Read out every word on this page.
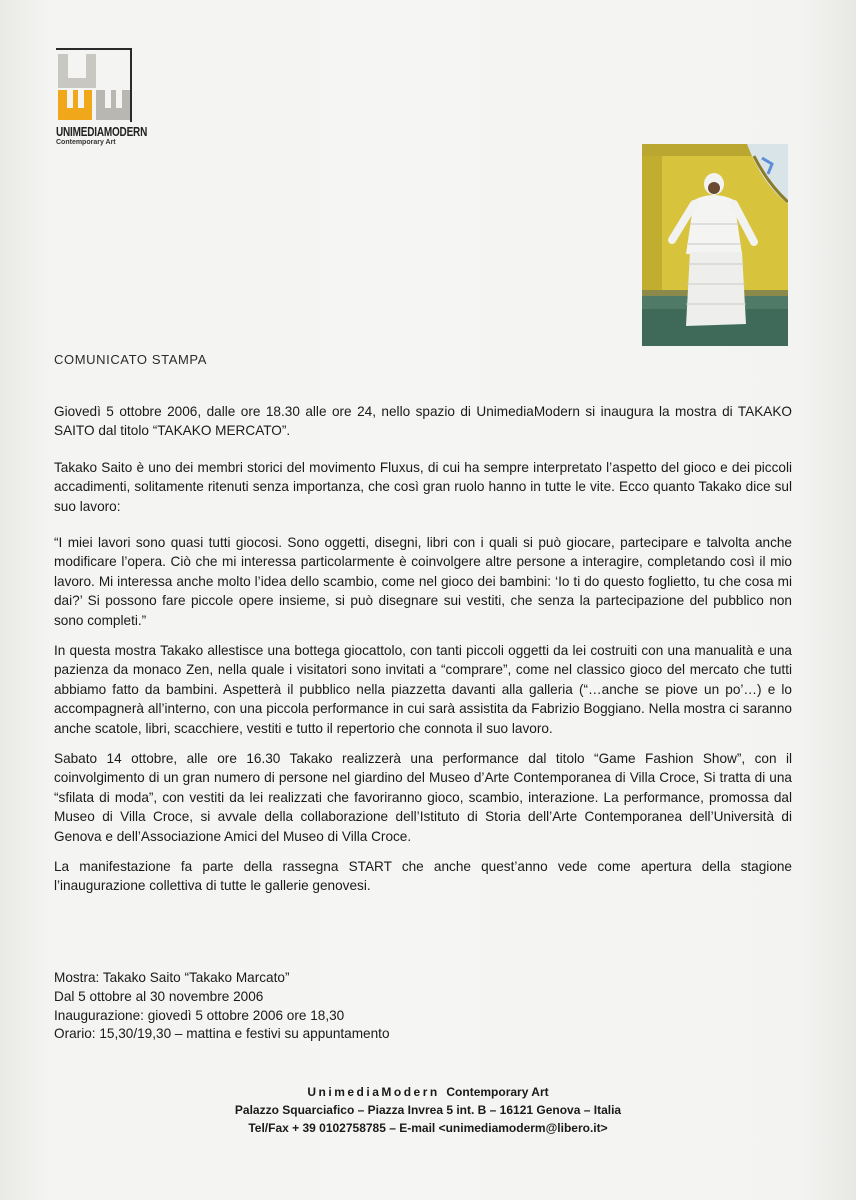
UNIMEDIAMODERN
Contemporary Art
COMUNICATO STAMPA
Giovedì 5 ottobre 2006, dalle ore 18.30 alle ore 24, nello spazio di UnimediaModern si inaugura la mostra di TAKAKO SAITO dal titolo “TAKAKO MERCATO”.
Takako Saito è uno dei membri storici del movimento Fluxus, di cui ha sempre interpretato l’aspetto del gioco e dei piccoli accadimenti, solitamente ritenuti senza importanza, che così gran ruolo hanno in tutte le vite. Ecco quanto Takako dice sul suo lavoro:
“I miei lavori sono quasi tutti giocosi. Sono oggetti, disegni, libri con i quali si può giocare, partecipare e talvolta anche modificare l’opera. Ciò che mi interessa particolarmente è coinvolgere altre persone a interagire, completando così il mio lavoro. Mi interessa anche molto l’idea dello scambio, come nel gioco dei bambini: ‘Io ti do questo foglietto, tu che cosa mi dai?’ Si possono fare piccole opere insieme, si può disegnare sui vestiti, che senza la partecipazione del pubblico non sono completi.”
In questa mostra Takako allestisce una bottega giocattolo, con tanti piccoli oggetti da lei costruiti con una manualità e una pazienza da monaco Zen, nella quale i visitatori sono invitati a “comprare”, come nel classico gioco del mercato che tutti abbiamo fatto da bambini. Aspetterà il pubblico nella piazzetta davanti alla galleria (“…anche se piove un po’…) e lo accompagnerà all’interno, con una piccola performance in cui sarà assistita da Fabrizio Boggiano. Nella mostra ci saranno anche scatole, libri, scacchiere, vestiti e tutto il repertorio che connota il suo lavoro.
Sabato 14 ottobre, alle ore 16.30 Takako realizzerà una performance dal titolo “Game Fashion Show”, con il coinvolgimento di un gran numero di persone nel giardino del Museo d’Arte Contemporanea di Villa Croce, Si tratta di una “sfilata di moda”, con vestiti da lei realizzati che favoriranno gioco, scambio, interazione. La performance, promossa dal Museo di Villa Croce, si avvale della collaborazione dell’Istituto di Storia dell’Arte Contemporanea dell’Università di Genova e dell’Associazione Amici del Museo di Villa Croce.
La manifestazione fa parte della rassegna START che anche quest’anno vede come apertura della stagione l’inaugurazione collettiva di tutte le gallerie genovesi.
Mostra: Takako Saito “Takako Marcato”
Dal 5 ottobre al 30 novembre 2006
Inaugurazione: giovedì 5 ottobre 2006 ore 18,30
Orario: 15,30/19,30 – mattina e festivi su appuntamento
UnimediaModern Contemporary Art
Palazzo Squarciafico – Piazza Invrea 5 int. B – 16121 Genova – Italia
Tel/Fax + 39 0102758785 – E-mail <unimediamoderm@libero.it>
